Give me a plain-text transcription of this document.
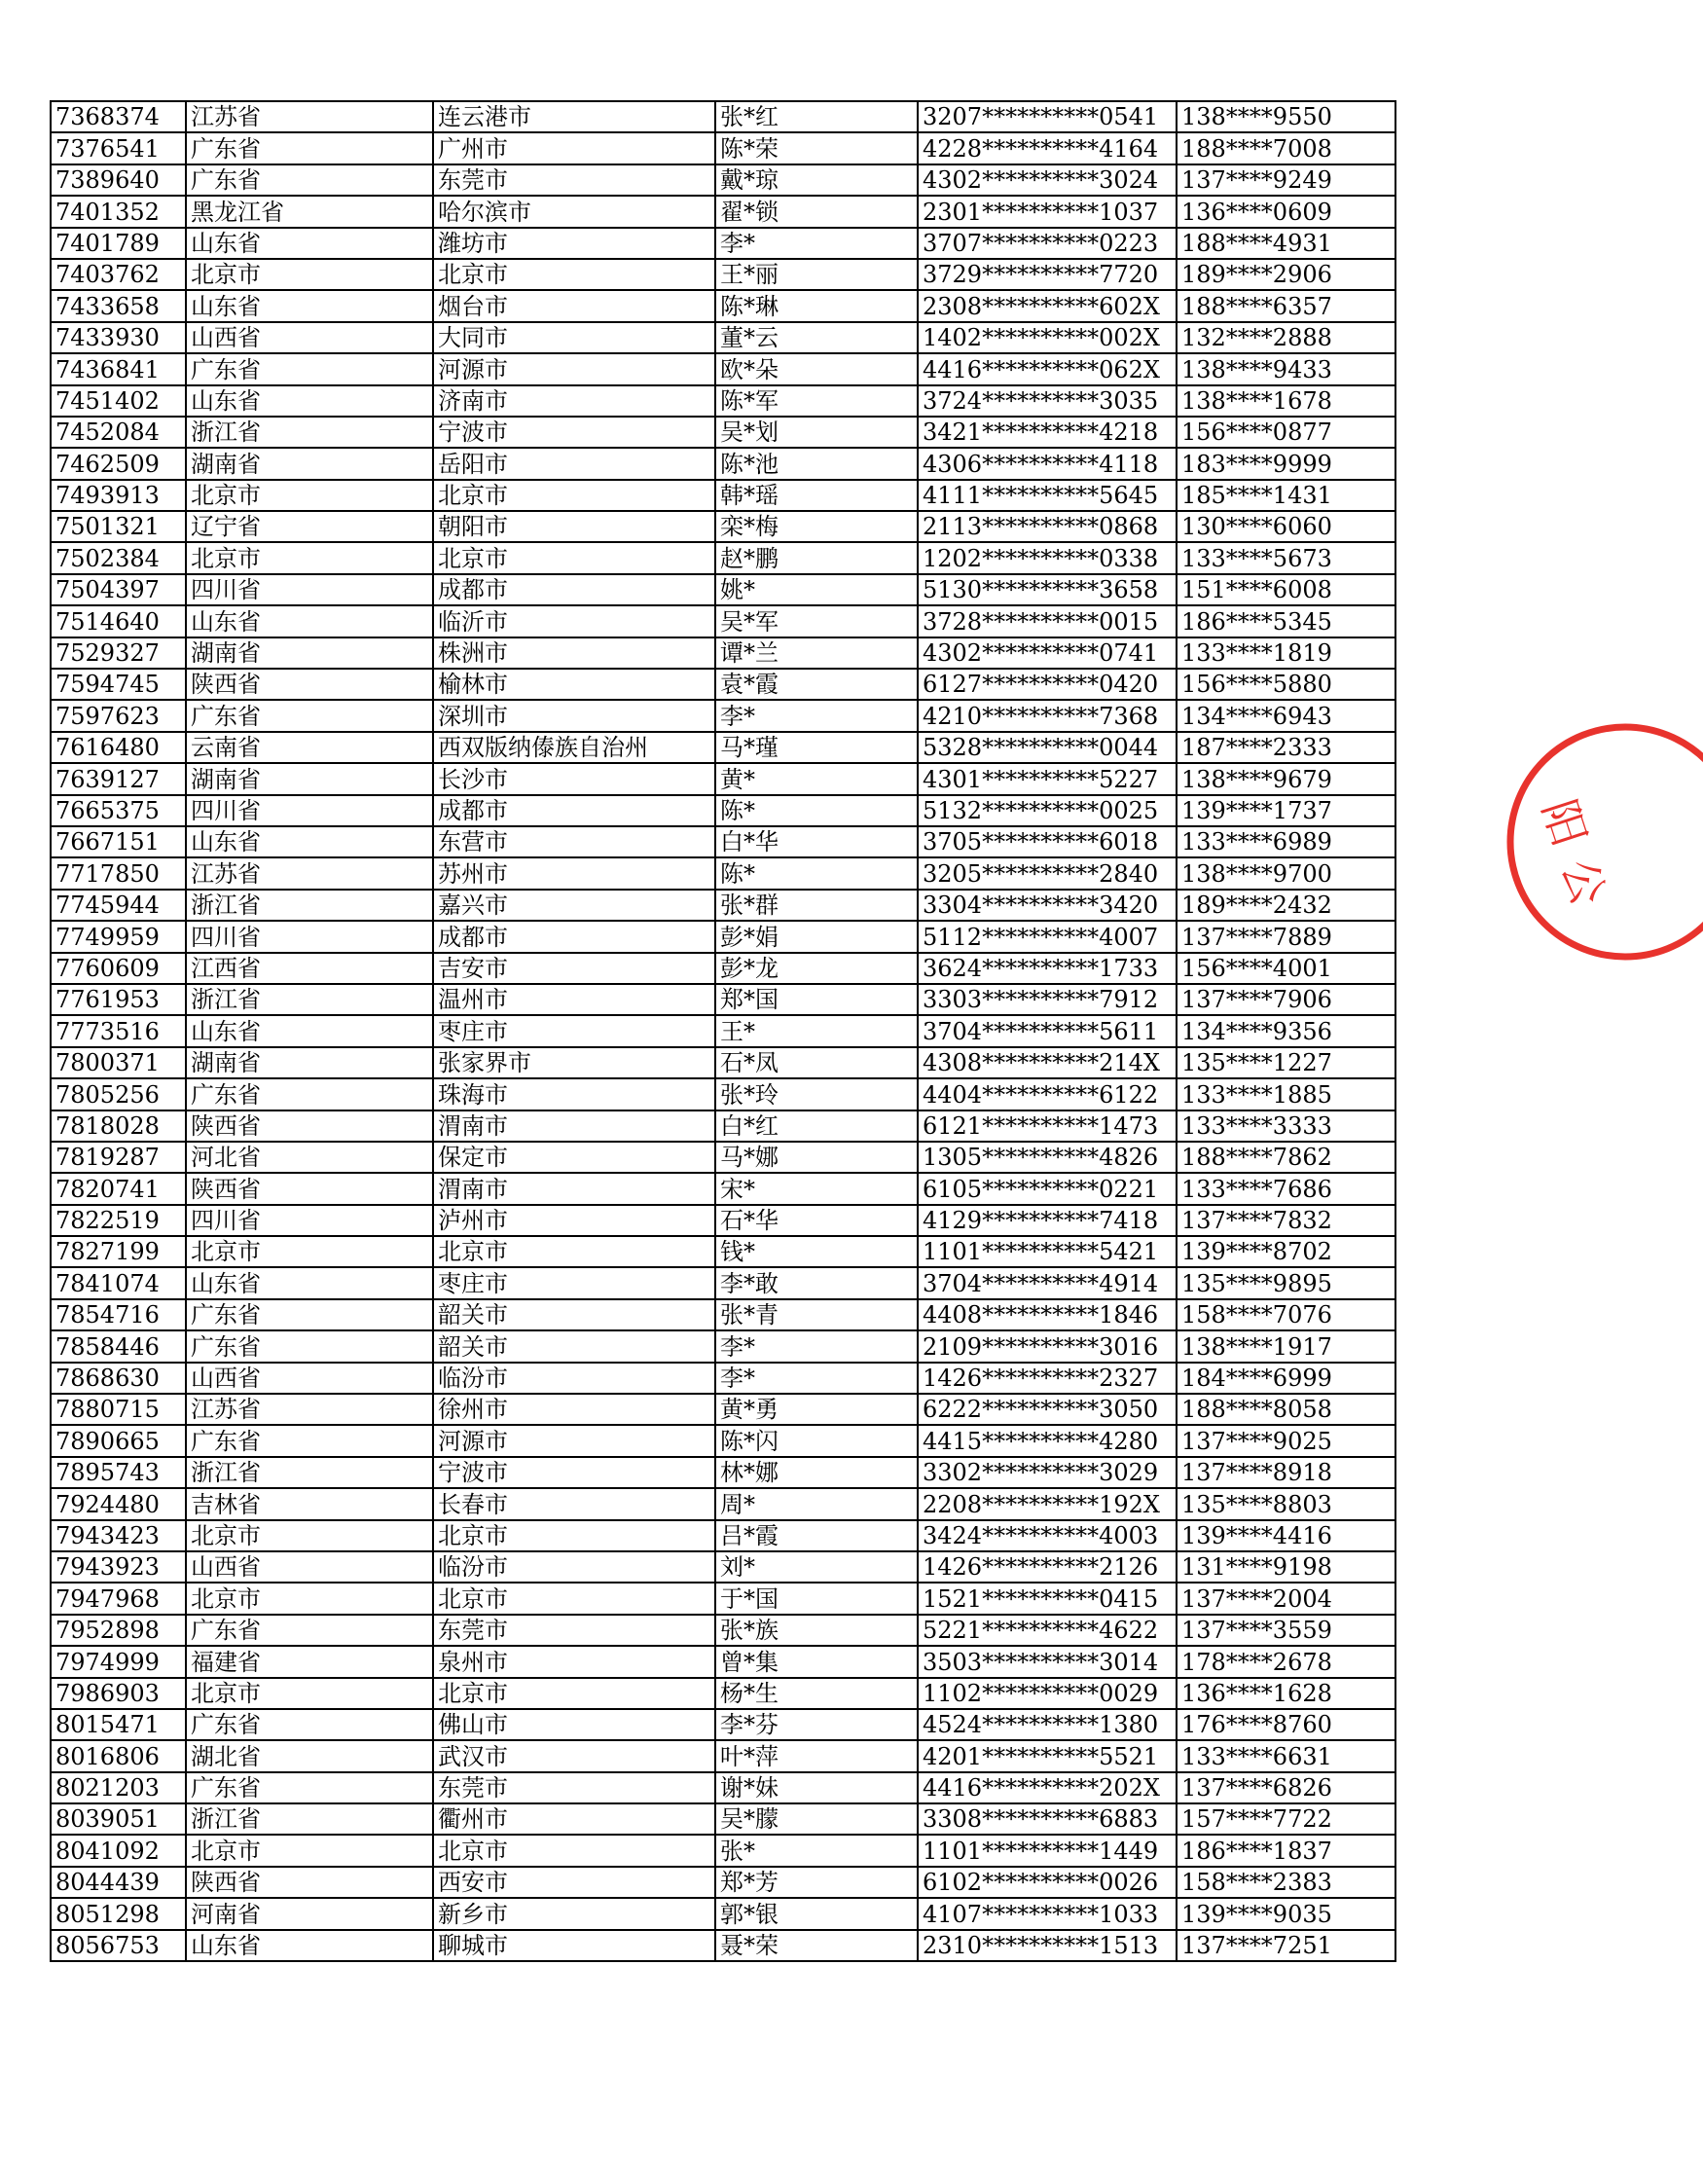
7368374	江苏省	连云港市	张*红	3207**********0541	138****9550
7376541	广东省	广州市	陈*荣	4228**********4164	188****7008
7389640	广东省	东莞市	戴*琼	4302**********3024	137****9249
7401352	黑龙江省	哈尔滨市	翟*锁	2301**********1037	136****0609
7401789	山东省	潍坊市	李*	3707**********0223	188****4931
7403762	北京市	北京市	王*丽	3729**********7720	189****2906
7433658	山东省	烟台市	陈*琳	2308**********602X	188****6357
7433930	山西省	大同市	董*云	1402**********002X	132****2888
7436841	广东省	河源市	欧*朵	4416**********062X	138****9433
7451402	山东省	济南市	陈*军	3724**********3035	138****1678
7452084	浙江省	宁波市	吴*划	3421**********4218	156****0877
7462509	湖南省	岳阳市	陈*池	4306**********4118	183****9999
7493913	北京市	北京市	韩*瑶	4111**********5645	185****1431
7501321	辽宁省	朝阳市	栾*梅	2113**********0868	130****6060
7502384	北京市	北京市	赵*鹏	1202**********0338	133****5673
7504397	四川省	成都市	姚*	5130**********3658	151****6008
7514640	山东省	临沂市	吴*军	3728**********0015	186****5345
7529327	湖南省	株洲市	谭*兰	4302**********0741	133****1819
7594745	陕西省	榆林市	袁*霞	6127**********0420	156****5880
7597623	广东省	深圳市	李*	4210**********7368	134****6943
7616480	云南省	西双版纳傣族自治州	马*瑾	5328**********0044	187****2333
7639127	湖南省	长沙市	黄*	4301**********5227	138****9679
7665375	四川省	成都市	陈*	5132**********0025	139****1737
7667151	山东省	东营市	白*华	3705**********6018	133****6989
7717850	江苏省	苏州市	陈*	3205**********2840	138****9700
7745944	浙江省	嘉兴市	张*群	3304**********3420	189****2432
7749959	四川省	成都市	彭*娟	5112**********4007	137****7889
7760609	江西省	吉安市	彭*龙	3624**********1733	156****4001
7761953	浙江省	温州市	郑*国	3303**********7912	137****7906
7773516	山东省	枣庄市	王*	3704**********5611	134****9356
7800371	湖南省	张家界市	石*凤	4308**********214X	135****1227
7805256	广东省	珠海市	张*玲	4404**********6122	133****1885
7818028	陕西省	渭南市	白*红	6121**********1473	133****3333
7819287	河北省	保定市	马*娜	1305**********4826	188****7862
7820741	陕西省	渭南市	宋*	6105**********0221	133****7686
7822519	四川省	泸州市	石*华	4129**********7418	137****7832
7827199	北京市	北京市	钱*	1101**********5421	139****8702
7841074	山东省	枣庄市	李*敢	3704**********4914	135****9895
7854716	广东省	韶关市	张*青	4408**********1846	158****7076
7858446	广东省	韶关市	李*	2109**********3016	138****1917
7868630	山西省	临汾市	李*	1426**********2327	184****6999
7880715	江苏省	徐州市	黄*勇	6222**********3050	188****8058
7890665	广东省	河源市	陈*闪	4415**********4280	137****9025
7895743	浙江省	宁波市	林*娜	3302**********3029	137****8918
7924480	吉林省	长春市	周*	2208**********192X	135****8803
7943423	北京市	北京市	吕*霞	3424**********4003	139****4416
7943923	山西省	临汾市	刘*	1426**********2126	131****9198
7947968	北京市	北京市	于*国	1521**********0415	137****2004
7952898	广东省	东莞市	张*族	5221**********4622	137****3559
7974999	福建省	泉州市	曾*集	3503**********3014	178****2678
7986903	北京市	北京市	杨*生	1102**********0029	136****1628
8015471	广东省	佛山市	李*芬	4524**********1380	176****8760
8016806	湖北省	武汉市	叶*萍	4201**********5521	133****6631
8021203	广东省	东莞市	谢*妹	4416**********202X	137****6826
8039051	浙江省	衢州市	吴*朦	3308**********6883	157****7722
8041092	北京市	北京市	张*	1101**********1449	186****1837
8044439	陕西省	西安市	郑*芳	6102**********0026	158****2383
8051298	河南省	新乡市	郭*银	4107**********1033	139****9035
8056753	山东省	聊城市	聂*荣	2310**********1513	137****7251
阳公
